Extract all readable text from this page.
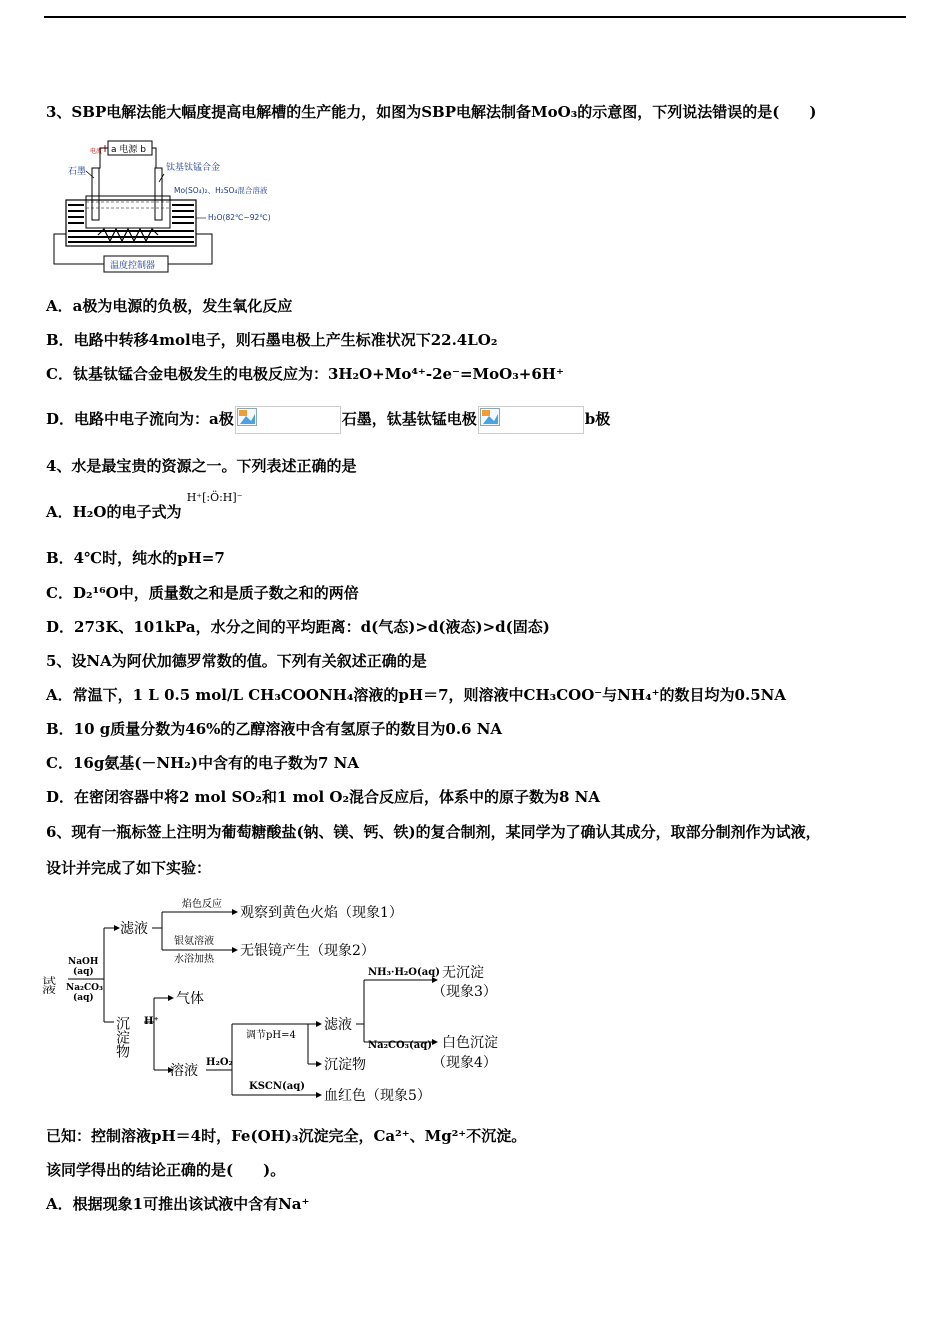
3、SBP电解法能大幅度提高电解槽的生产能力，如图为SBP电解法制备MoO₃的示意图，下列说法错误的是(　　)
a 电源 b
电流
石墨	钛基钛锰合金
Mo(SO₄)₂、H₂SO₄混合溶液
H₂O(82℃~92℃)
温度控制器
A．a极为电源的负极，发生氧化反应
B．电路中转移4mol电子，则石墨电极上产生标准状况下22.4LO₂
C．钛基钛锰合金电极发生的电极反应为：3H₂O+Mo⁴⁺-2e⁻=MoO₃+6H⁺
D．电路中电子流向为：a极	石墨，钛基钛锰电极	b极
4、水是最宝贵的资源之一。下列表述正确的是
A．H₂O的电子式为 $^{H^+[:Ö:H]^-}$
B．4℃时，纯水的pH=7
C．D₂¹⁶O中，质量数之和是质子数之和的两倍
D．273K、101kPa，水分之间的平均距离：d(气态)>d(液态)>d(固态)
5、设NA为阿伏加德罗常数的值。下列有关叙述正确的是
A．常温下，1 L 0.5 mol/L CH₃COONH₄溶液的pH＝7，则溶液中CH₃COO⁻与NH₄⁺的数目均为0.5NA
B．10 g质量分数为46%的乙醇溶液中含有氢原子的数目为0.6 NA
C．16g氨基(－NH₂)中含有的电子数为7 NA
D．在密闭容器中将2 mol SO₂和1 mol O₂混合反应后，体系中的原子数为8 NA
6、现有一瓶标签上注明为葡萄糖酸盐(钠、镁、钙、铁)的复合制剂，某同学为了确认其成分，取部分制剂作为试液，
设计并完成了如下实验：
试液
NaOH
(aq)
Na₂CO₃
(aq)
滤液
焰色反应
观察到黄色火焰（现象1）
银氨溶液
水浴加热
无银镜产生（现象2）
沉淀物 H⁺
气体
溶液
H₂O₂
调节pH=4
滤液
沉淀物
KSCN(aq)
血红色（现象5）
NH₃·H₂O(aq) 无沉淀
（现象3）
Na₂CO₃(aq) 白色沉淀
（现象4）
已知：控制溶液pH＝4时，Fe(OH)₃沉淀完全，Ca²⁺、Mg²⁺不沉淀。
该同学得出的结论正确的是(　　)。
A．根据现象1可推出该试液中含有Na⁺
